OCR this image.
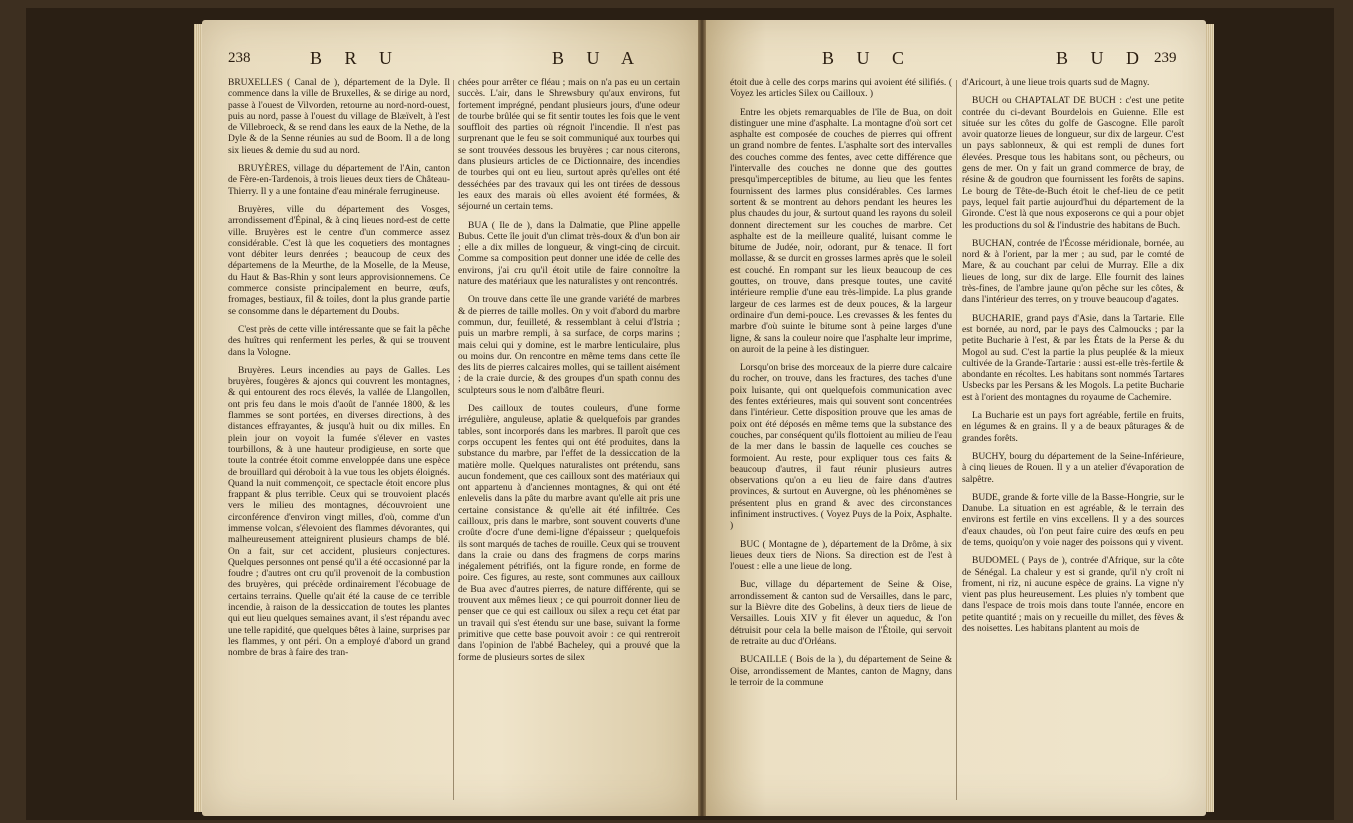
238	B R U	B U A

BRUXELLES ( Canal de ), département de la Dyle. Il commence dans la ville de Bruxelles, & se dirige au nord, passe à l'ouest de Vilvorden, retourne au nord-nord-ouest, puis au nord, passe à l'ouest du village de Blæïvelt, à l'est de Villebroeck, & se rend dans les eaux de la Nethe, de la Dyle & de la Senne réunies au sud de Boom. Il a de long six lieues & demie du sud au nord.

BRUYÈRES, village du département de l'Ain, canton de Fère-en-Tardenois, à trois lieues deux tiers de Château-Thierry. Il y a une fontaine d'eau minérale ferrugineuse.

Bruyères, ville du département des Vosges, arrondissement d'Épinal, & à cinq lieues nord-est de cette ville. Bruyères est le centre d'un commerce assez considérable. C'est là que les coquetiers des montagnes vont débiter leurs denrées ; beaucoup de ceux des départemens de la Meurthe, de la Moselle, de la Meuse, du Haut & Bas-Rhin y sont leurs approvisionnemens. Ce commerce consiste principalement en beurre, œufs, fromages, bestiaux, fil & toiles, dont la plus grande partie se consomme dans le département du Doubs.

C'est près de cette ville intéressante que se fait la pêche des huîtres qui renferment les perles, & qui se trouvent dans la Vologne.

Bruyères. Leurs incendies au pays de Galles. Les bruyères, fougères & ajoncs qui couvrent les montagnes, & qui entourent des rocs élevés, la vallée de Llangollen, ont pris feu dans le mois d'août de l'année 1800, & les flammes se sont portées, en diverses directions, à des distances effrayantes, & jusqu'à huit ou dix milles. En plein jour on voyoit la fumée s'élever en vastes tourbillons, & à une hauteur prodigieuse, en sorte que toute la contrée étoit comme enveloppée dans une espèce de brouillard qui déroboit à la vue tous les objets éloignés. Quand la nuit commençoit, ce spectacle étoit encore plus frappant & plus terrible. Ceux qui se trouvoient placés vers le milieu des montagnes, découvroient une circonférence d'environ vingt milles, d'où, comme d'un immense volcan, s'élevoient des flammes dévorantes, qui malheureusement atteignirent plusieurs champs de blé. On a fait, sur cet accident, plusieurs conjectures. Quelques personnes ont pensé qu'il a été occasionné par la foudre ; d'autres ont cru qu'il provenoit de la combustion des bruyères, qui précède ordinairement l'écobuage de certains terrains. Quelle qu'ait été la cause de ce terrible incendie, à raison de la dessiccation de toutes les plantes qui eut lieu quelques semaines avant, il s'est répandu avec une telle rapidité, que quelques bêtes à laine, surprises par les flammes, y ont péri. On a employé d'abord un grand nombre de bras à faire des tran-

chées pour arrêter ce fléau ; mais on n'a pas eu un certain succès. L'air, dans le Shrewsbury qu'aux environs, fut fortement imprégné, pendant plusieurs jours, d'une odeur de tourbe brûlée qui se fit sentir toutes les fois que le vent souffloit des parties où régnoit l'incendie. Il n'est pas surprenant que le feu se soit communiqué aux tourbes qui se sont trouvées dessous les bruyères ; car nous citerons, dans plusieurs articles de ce Dictionnaire, des incendies de tourbes qui ont eu lieu, surtout après qu'elles ont été desséchées par des travaux qui les ont tirées de dessous les eaux des marais où elles avoient été formées, & séjourné un certain tems.

BUA ( Ile de ), dans la Dalmatie, que Pline appelle Bubus. Cette île jouit d'un climat très-doux & d'un bon air ; elle a dix milles de longueur, & vingt-cinq de circuit. Comme sa composition peut donner une idée de celle des environs, j'ai cru qu'il étoit utile de faire connoître la nature des matériaux que les naturalistes y ont rencontrés.

On trouve dans cette île une grande variété de marbres & de pierres de taille molles. On y voit d'abord du marbre commun, dur, feuilleté, & ressemblant à celui d'Istria ; puis un marbre rempli, à sa surface, de corps marins ; mais celui qui y domine, est le marbre lenticulaire, plus ou moins dur. On rencontre en même tems dans cette île des lits de pierres calcaires molles, qui se taillent aisément ; de la craie durcie, & des groupes d'un spath connu des sculpteurs sous le nom d'albâtre fleuri.

Des cailloux de toutes couleurs, d'une forme irrégulière, anguleuse, aplatie & quelquefois par grandes tables, sont incorporés dans les marbres. Il paroît que ces corps occupent les fentes qui ont été produites, dans la substance du marbre, par l'effet de la dessiccation de la matière molle. Quelques naturalistes ont prétendu, sans aucun fondement, que ces cailloux sont des matériaux qui ont appartenu à d'anciennes montagnes, & qui ont été enlevelis dans la pâte du marbre avant qu'elle ait pris une certaine consistance & qu'elle ait été infiltrée. Ces cailloux, pris dans le marbre, sont souvent couverts d'une croûte d'ocre d'une demi-ligne d'épaisseur ; quelquefois ils sont marqués de taches de rouille. Ceux qui se trouvent dans la craie ou dans des fragmens de corps marins inégalement pétrifiés, ont la figure ronde, en forme de poire. Ces figures, au reste, sont communes aux cailloux de Bua avec d'autres pierres, de nature différente, qui se trouvent aux mêmes lieux ; ce qui pourroit donner lieu de penser que ce qui est cailloux ou silex a reçu cet état par un travail qui s'est étendu sur une base, suivant la forme primitive que cette base pouvoit avoir : ce qui rentreroit dans l'opinion de l'abbé Bacheley, qui a prouvé que la forme de plusieurs sortes de silex

B U C	B U D 239

étoit due à celle des corps marins qui avoient été silifiés. ( Voyez les articles Silex ou Cailloux. )

Entre les objets remarquables de l'île de Bua, on doit distinguer une mine d'asphalte. La montagne d'où sort cet asphalte est composée de couches de pierres qui offrent un grand nombre de fentes. L'asphalte sort des intervalles des couches comme des fentes, avec cette différence que l'intervalle des couches ne donne que des gouttes presqu'imperceptibles de bitume, au lieu que les fentes fournissent des larmes plus considérables. Ces larmes sortent & se montrent au dehors pendant les heures les plus chaudes du jour, & surtout quand les rayons du soleil donnent directement sur les couches de marbre. Cet asphalte est de la meilleure qualité, luisant comme le bitume de Judée, noir, odorant, pur & tenace. Il fort mollasse, & se durcit en grosses larmes après que le soleil est couché. En rompant sur les lieux beaucoup de ces gouttes, on trouve, dans presque toutes, une cavité intérieure remplie d'une eau très-limpide. La plus grande largeur de ces larmes est de deux pouces, & la largeur ordinaire d'un demi-pouce. Les crevasses & les fentes du marbre d'où suinte le bitume sont à peine larges d'une ligne, & sans la couleur noire que l'asphalte leur imprime, on auroit de la peine à les distinguer.

Lorsqu'on brise des morceaux de la pierre dure calcaire du rocher, on trouve, dans les fractures, des taches d'une poix luisante, qui ont quelquefois communication avec des fentes extérieures, mais qui souvent sont concentrées dans l'intérieur. Cette disposition prouve que les amas de poix ont été déposés en même tems que la substance des couches, par conséquent qu'ils flottoient au milieu de l'eau de la mer dans le bassin de laquelle ces couches se formoient. Au reste, pour expliquer tous ces faits & beaucoup d'autres, il faut réunir plusieurs autres observations qu'on a eu lieu de faire dans d'autres provinces, & surtout en Auvergne, où les phénomènes se présentent plus en grand & avec des circonstances infiniment instructives. ( Voyez Puys de la Poix, Asphalte. )

BUC ( Montagne de ), département de la Drôme, à six lieues deux tiers de Nions. Sa direction est de l'est à l'ouest : elle a une lieue de long.

Buc, village du département de Seine & Oise, arrondissement & canton sud de Versailles, dans le parc, sur la Bièvre dite des Gobelins, à deux tiers de lieue de Versailles. Louis XIV y fit élever un aqueduc, & l'on détruisit pour cela la belle maison de l'Étoile, qui servoit de retraite au duc d'Orléans.

BUCAILLE ( Bois de la ), du département de Seine & Oise, arrondissement de Mantes, canton de Magny, dans le terroir de la commune

d'Aricourt, à une lieue trois quarts sud de Magny.

BUCH ou CHAPTALAT DE BUCH : c'est une petite contrée du ci-devant Bourdelois en Guienne. Elle est située sur les côtes du golfe de Gascogne. Elle paroît avoir quatorze lieues de longueur, sur dix de largeur. C'est un pays sablonneux, & qui est rempli de dunes fort élevées. Presque tous les habitans sont, ou pêcheurs, ou gens de mer. On y fait un grand commerce de bray, de résine & de goudron que fournissent les forêts de sapins. Le bourg de Tête-de-Buch étoit le chef-lieu de ce petit pays, lequel fait partie aujourd'hui du département de la Gironde. C'est là que nous exposerons ce qui a pour objet les productions du sol & l'industrie des habitans de Buch.

BUCHAN, contrée de l'Écosse méridionale, bornée, au nord & à l'orient, par la mer ; au sud, par le comté de Mare, & au couchant par celui de Murray. Elle a dix lieues de long, sur dix de large. Elle fournit des laines très-fines, de l'ambre jaune qu'on pêche sur les côtes, & dans l'intérieur des terres, on y trouve beaucoup d'agates.

BUCHARIE, grand pays d'Asie, dans la Tartarie. Elle est bornée, au nord, par le pays des Calmoucks ; par la petite Bucharie à l'est, & par les États de la Perse & du Mogol au sud. C'est la partie la plus peuplée & la mieux cultivée de la Grande-Tartarie : aussi est-elle très-fertile & abondante en récoltes. Les habitans sont nommés Tartares Usbecks par les Persans & les Mogols. La petite Bucharie est à l'orient des montagnes du royaume de Cachemire.

La Bucharie est un pays fort agréable, fertile en fruits, en légumes & en grains. Il y a de beaux pâturages & de grandes forêts.

BUCHY, bourg du département de la Seine-Inférieure, à cinq lieues de Rouen. Il y a un atelier d'évaporation de salpêtre.

BUDE, grande & forte ville de la Basse-Hongrie, sur le Danube. La situation en est agréable, & le terrain des environs est fertile en vins excellens. Il y a des sources d'eaux chaudes, où l'on peut faire cuire des œufs en peu de tems, quoiqu'on y voie nager des poissons qui y vivent.

BUDOMEL ( Pays de ), contrée d'Afrique, sur la côte de Sénégal. La chaleur y est si grande, qu'il n'y croît ni froment, ni riz, ni aucune espèce de grains. La vigne n'y vient pas plus heureusement. Les pluies n'y tombent que dans l'espace de trois mois dans toute l'année, encore en petite quantité ; mais on y recueille du millet, des fèves & des noisettes. Les habitans plantent au mois de
